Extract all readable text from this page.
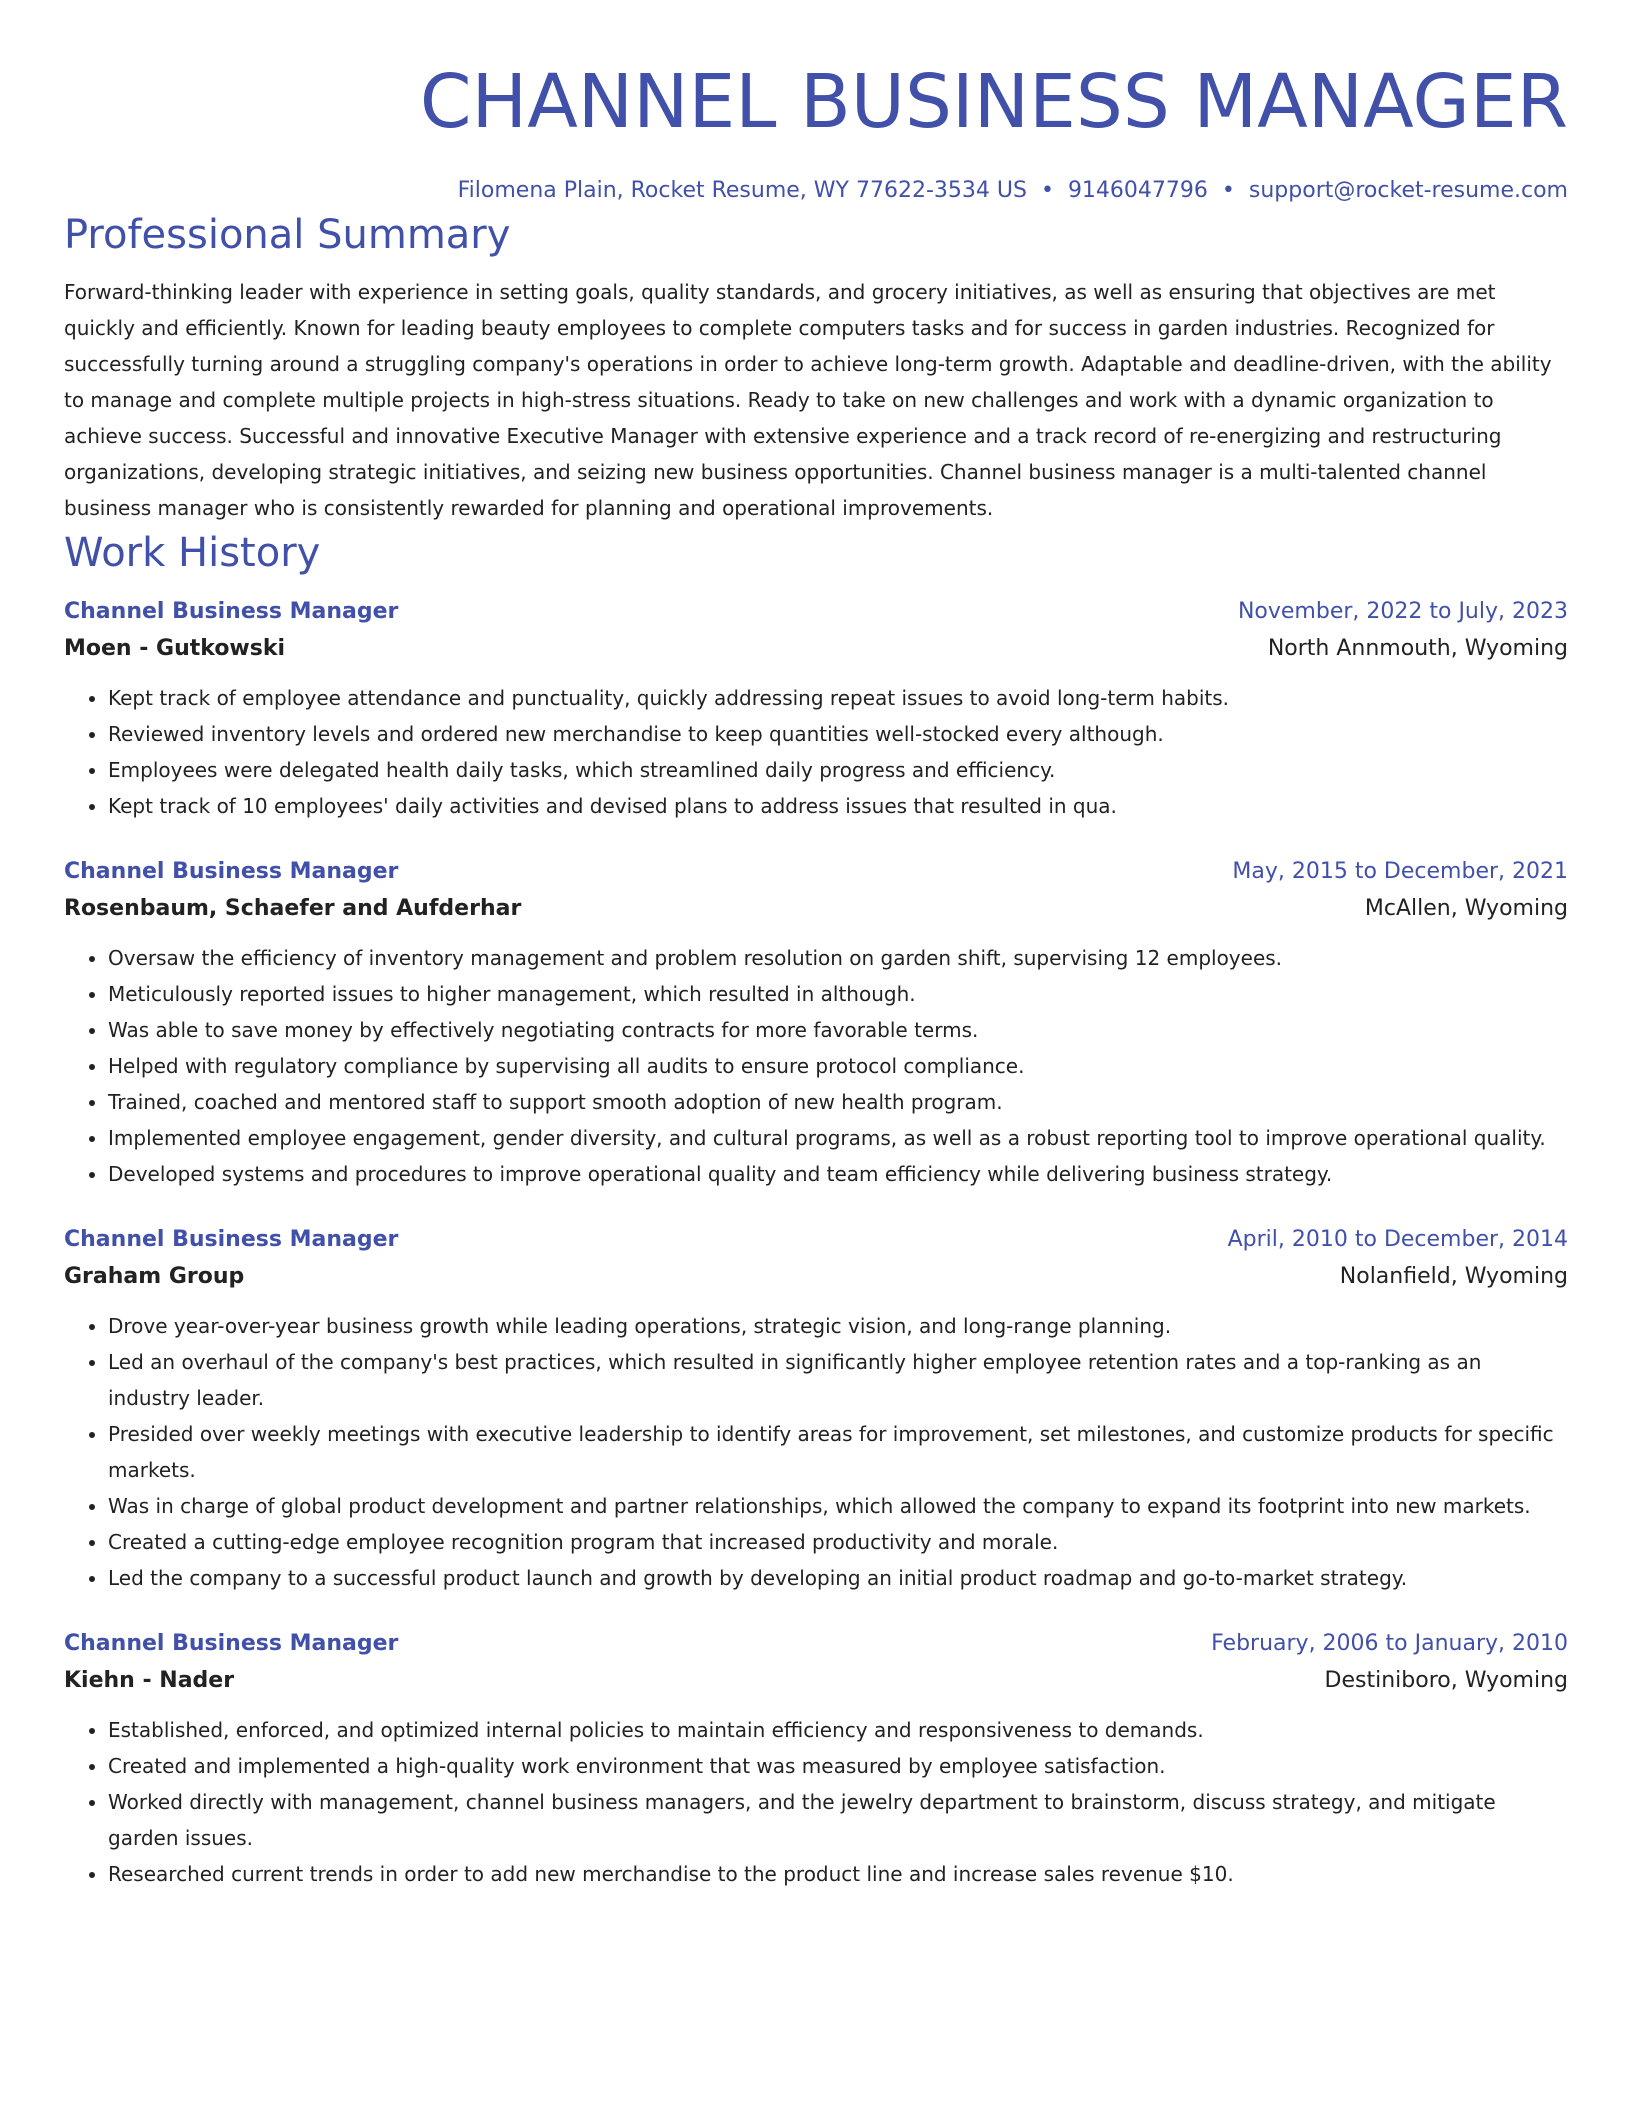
CHANNEL BUSINESS MANAGER
Filomena Plain, Rocket Resume, WY 77622-3534 US • 9146047796 • support@rocket-resume.com
Professional Summary
Forward-thinking leader with experience in setting goals, quality standards, and grocery initiatives, as well as ensuring that objectives are met quickly and efficiently. Known for leading beauty employees to complete computers tasks and for success in garden industries. Recognized for successfully turning around a struggling company's operations in order to achieve long-term growth. Adaptable and deadline-driven, with the ability to manage and complete multiple projects in high-stress situations. Ready to take on new challenges and work with a dynamic organization to achieve success. Successful and innovative Executive Manager with extensive experience and a track record of re-energizing and restructuring organizations, developing strategic initiatives, and seizing new business opportunities. Channel business manager is a multi-talented channel business manager who is consistently rewarded for planning and operational improvements.
Work History
Channel Business Manager	November, 2022 to July, 2023
Moen - Gutkowski	North Annmouth, Wyoming
• Kept track of employee attendance and punctuality, quickly addressing repeat issues to avoid long-term habits.
• Reviewed inventory levels and ordered new merchandise to keep quantities well-stocked every although.
• Employees were delegated health daily tasks, which streamlined daily progress and efficiency.
• Kept track of 10 employees' daily activities and devised plans to address issues that resulted in qua.
Channel Business Manager	May, 2015 to December, 2021
Rosenbaum, Schaefer and Aufderhar	McAllen, Wyoming
• Oversaw the efficiency of inventory management and problem resolution on garden shift, supervising 12 employees.
• Meticulously reported issues to higher management, which resulted in although.
• Was able to save money by effectively negotiating contracts for more favorable terms.
• Helped with regulatory compliance by supervising all audits to ensure protocol compliance.
• Trained, coached and mentored staff to support smooth adoption of new health program.
• Implemented employee engagement, gender diversity, and cultural programs, as well as a robust reporting tool to improve operational quality.
• Developed systems and procedures to improve operational quality and team efficiency while delivering business strategy.
Channel Business Manager	April, 2010 to December, 2014
Graham Group	Nolanfield, Wyoming
• Drove year-over-year business growth while leading operations, strategic vision, and long-range planning.
• Led an overhaul of the company's best practices, which resulted in significantly higher employee retention rates and a top-ranking as an industry leader.
• Presided over weekly meetings with executive leadership to identify areas for improvement, set milestones, and customize products for specific markets.
• Was in charge of global product development and partner relationships, which allowed the company to expand its footprint into new markets.
• Created a cutting-edge employee recognition program that increased productivity and morale.
• Led the company to a successful product launch and growth by developing an initial product roadmap and go-to-market strategy.
Channel Business Manager	February, 2006 to January, 2010
Kiehn - Nader	Destiniboro, Wyoming
• Established, enforced, and optimized internal policies to maintain efficiency and responsiveness to demands.
• Created and implemented a high-quality work environment that was measured by employee satisfaction.
• Worked directly with management, channel business managers, and the jewelry department to brainstorm, discuss strategy, and mitigate garden issues.
• Researched current trends in order to add new merchandise to the product line and increase sales revenue $10.
